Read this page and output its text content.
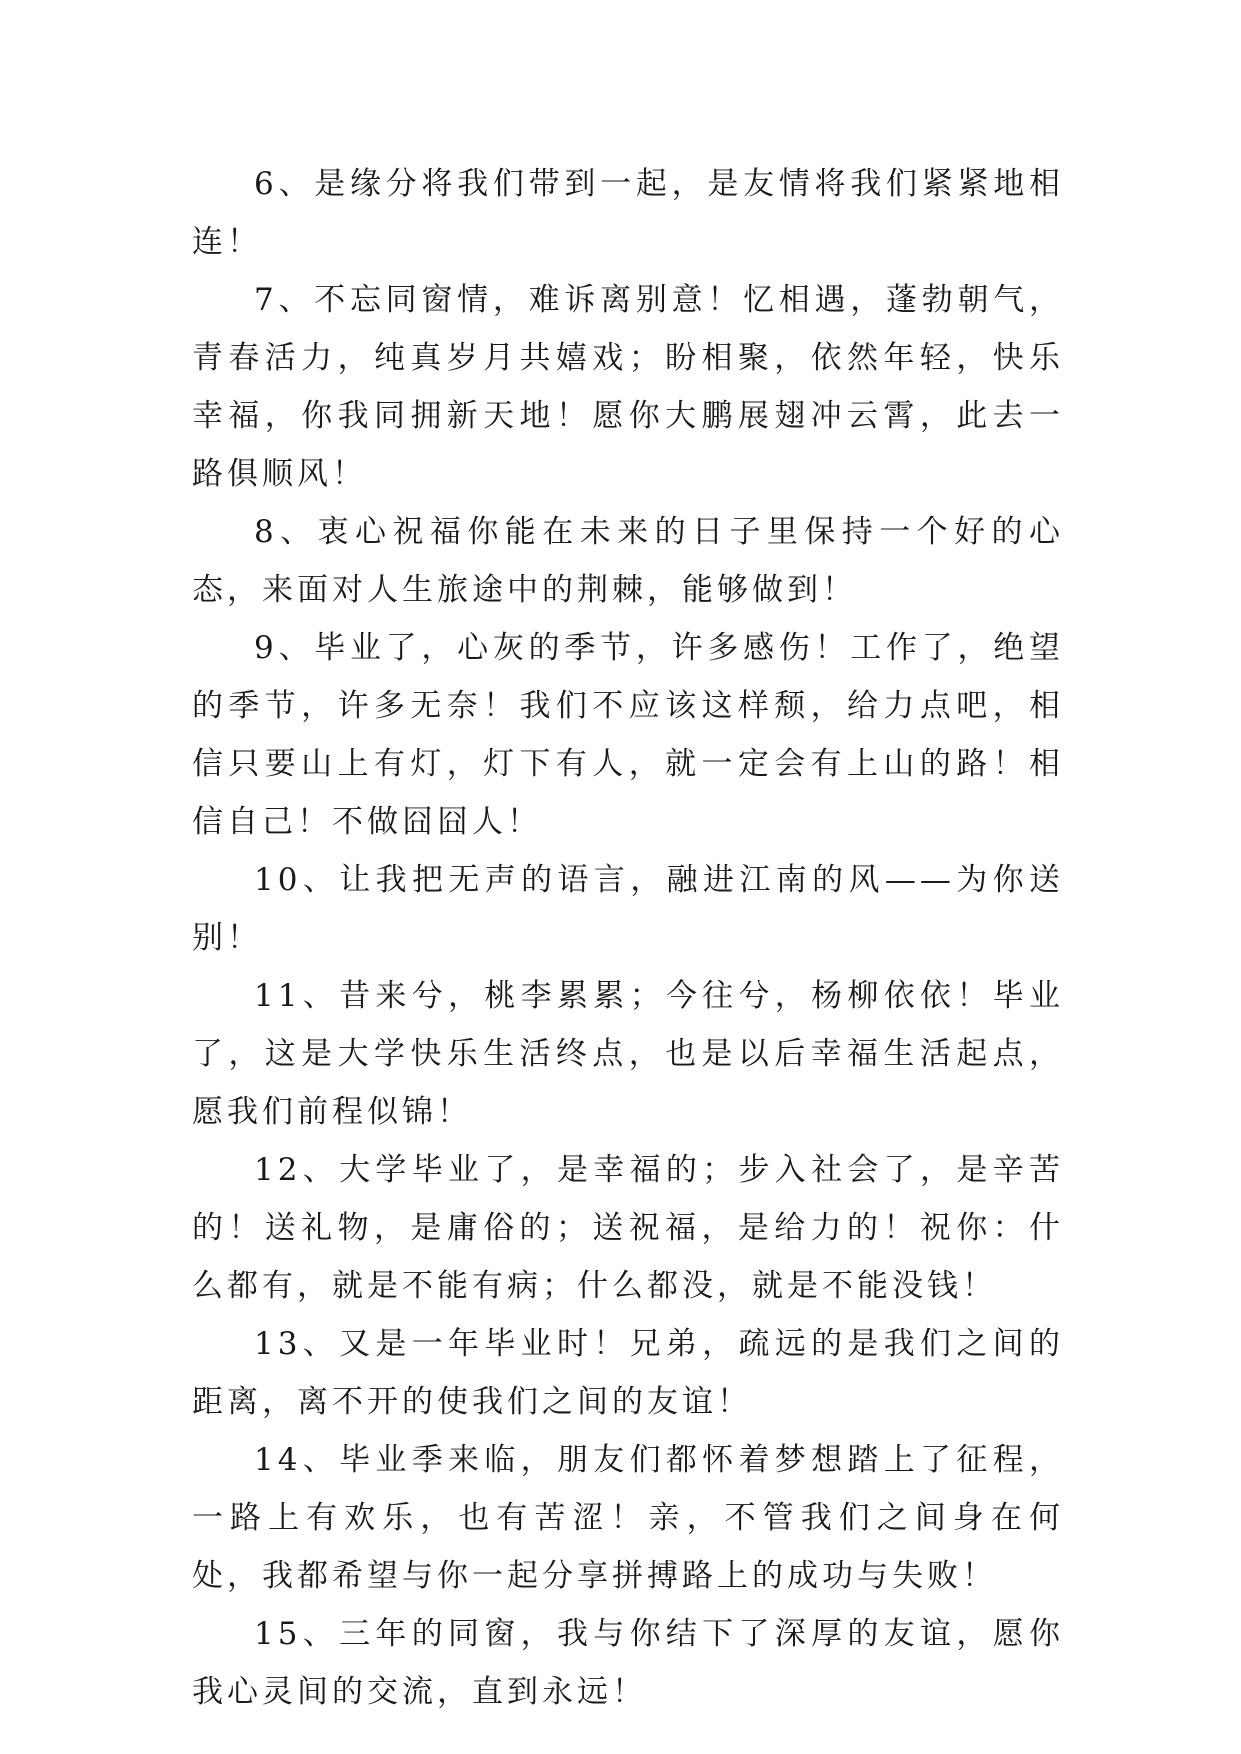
6、是缘分将我们带到一起，是友情将我们紧紧地相连！

7、不忘同窗情，难诉离别意！忆相遇，蓬勃朝气，青春活力，纯真岁月共嬉戏；盼相聚，依然年轻，快乐幸福，你我同拥新天地！愿你大鹏展翅冲云霄，此去一路俱顺风！

8、衷心祝福你能在未来的日子里保持一个好的心态，来面对人生旅途中的荆棘，能够做到！

9、毕业了，心灰的季节，许多感伤！工作了，绝望的季节，许多无奈！我们不应该这样颓，给力点吧，相信只要山上有灯，灯下有人，就一定会有上山的路！相信自己！不做囧囧人！

10、让我把无声的语言，融进江南的风——为你送别！

11、昔来兮，桃李累累；今往兮，杨柳依依！毕业了，这是大学快乐生活终点，也是以后幸福生活起点，愿我们前程似锦！

12、大学毕业了，是幸福的；步入社会了，是辛苦的！送礼物，是庸俗的；送祝福，是给力的！祝你：什么都有，就是不能有病；什么都没，就是不能没钱！

13、又是一年毕业时！兄弟，疏远的是我们之间的距离，离不开的使我们之间的友谊！

14、毕业季来临，朋友们都怀着梦想踏上了征程，一路上有欢乐，也有苦涩！亲，不管我们之间身在何处，我都希望与你一起分享拼搏路上的成功与失败！

15、三年的同窗，我与你结下了深厚的友谊，愿你我心灵间的交流，直到永远！
